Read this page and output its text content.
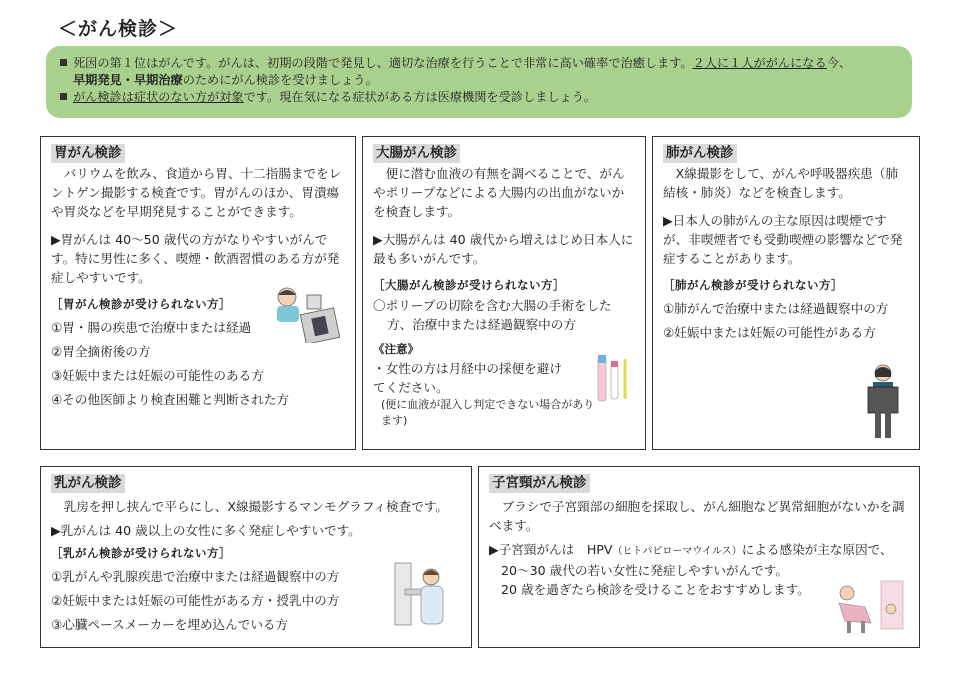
＜がん検診＞
死因の第１位はがんです。がんは、初期の段階で発見し、適切な治療を行うことで非常に高い確率で治癒します。２人に１人ががんになる今、
早期発見・早期治療のためにがん検診を受けましょう。
がん検診は症状のない方が対象です。現在気になる症状がある方は医療機関を受診しましょう。
胃がん検診

バリウムを飲み、食道から胃、十二指腸までをレントゲン撮影する検査です。胃がんのほか、胃潰瘍や胃炎などを早期発見することができます。

▶胃がんは 40～50 歳代の方がなりやすいがんです。特に男性に多く、喫煙・飲酒習慣のある方が発症しやすいです。

［胃がん検診が受けられない方］

①胃・腸の疾患で治療中または経過

②胃全摘術後の方

③妊娠中または妊娠の可能性のある方

④その他医師より検査困難と判断された方

大腸がん検診

便に潜む血液の有無を調べることで、がんやポリープなどによる大腸内の出血がないかを検査します。

▶大腸がんは 40 歳代から増えはじめ日本人に最も多いがんです。

［大腸がん検診が受けられない方］

〇ポリープの切除を含む大腸の手術をした方、治療中または経過観察中の方

《注意》

・女性の方は月経中の採便を避けてください。

(便に血液が混入し判定できない場合があります)

肺がん検診

X線撮影をして、がんや呼吸器疾患（肺結核・肺炎）などを検査します。

▶日本人の肺がんの主な原因は喫煙ですが、非喫煙者でも受動喫煙の影響などで発症することがあります。

［肺がん検診が受けられない方］

①肺がんで治療中または経過観察中の方

②妊娠中または妊娠の可能性がある方

乳がん検診

乳房を押し挟んで平らにし、X線撮影するマンモグラフィ検査です。

▶乳がんは 40 歳以上の女性に多く発症しやすいです。

［乳がん検診が受けられない方］

①乳がんや乳腺疾患で治療中または経過観察中の方

②妊娠中または妊娠の可能性がある方・授乳中の方

③心臓ペースメーカーを埋め込んでいる方

子宮頸がん検診

ブラシで子宮頸部の細胞を採取し、がん細胞など異常細胞がないかを調べます。

▶子宮頸がんは　HPV（ヒトパピローマウイルス）による感染が主な原因で、

20～30 歳代の若い女性に発症しやすいがんです。

20 歳を過ぎたら検診を受けることをおすすめします。
